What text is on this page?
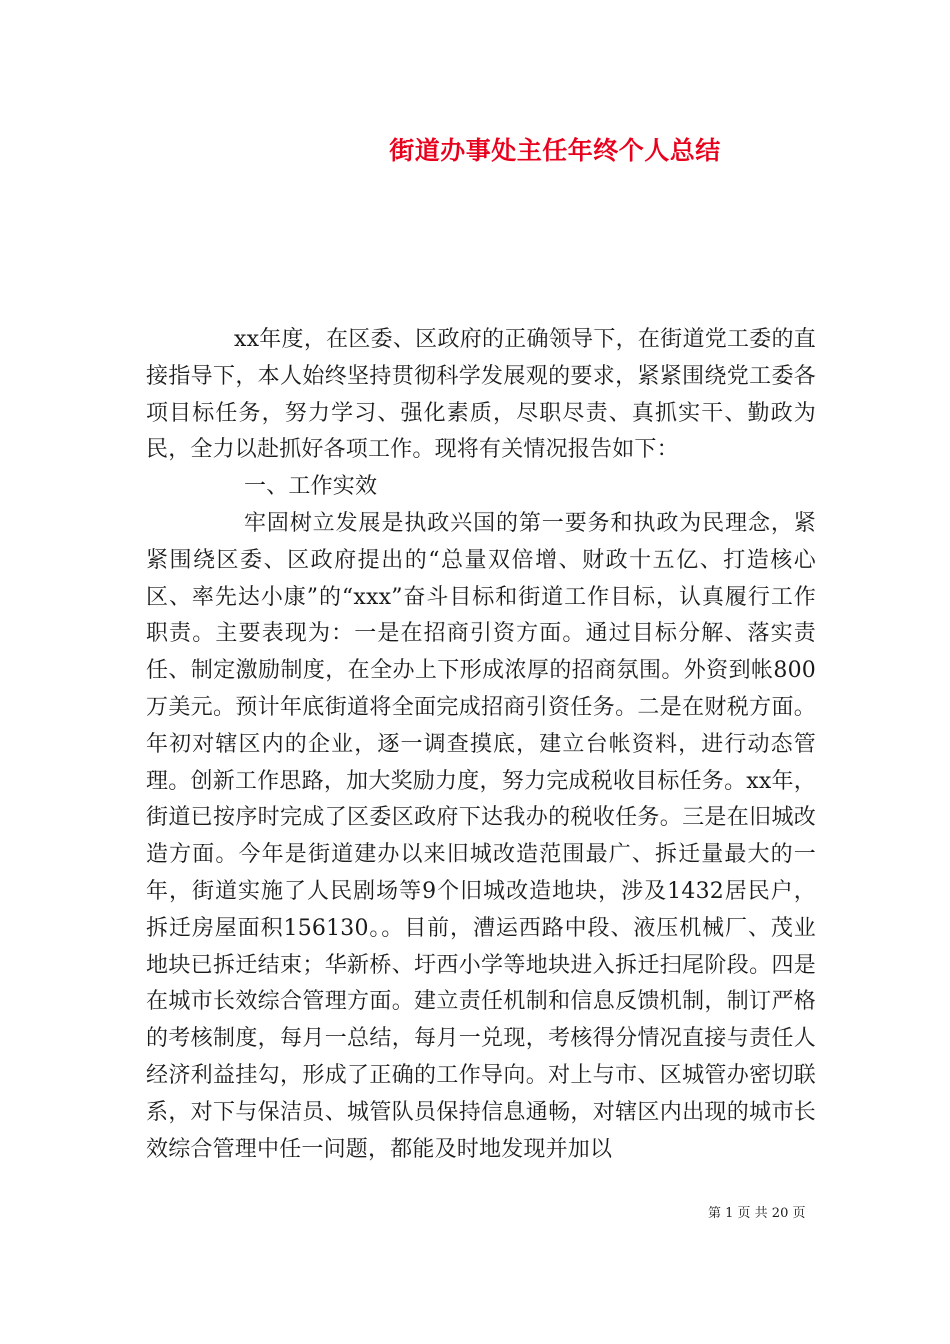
街道办事处主任年终个人总结

xx年度，在区委、区政府的正确领导下，在街道党工委的直接指导下，本人始终坚持贯彻科学发展观的要求，紧紧围绕党工委各项目标任务，努力学习、强化素质，尽职尽责、真抓实干、勤政为民，全力以赴抓好各项工作。现将有关情况报告如下：

一、工作实效

牢固树立发展是执政兴国的第一要务和执政为民理念，紧紧围绕区委、区政府提出的“总量双倍增、财政十五亿、打造核心区、率先达小康”的“xxx”奋斗目标和街道工作目标，认真履行工作职责。主要表现为：一是在招商引资方面。通过目标分解、落实责任、制定激励制度，在全办上下形成浓厚的招商氛围。外资到帐800万美元。预计年底街道将全面完成招商引资任务。二是在财税方面。年初对辖区内的企业，逐一调查摸底，建立台帐资料，进行动态管理。创新工作思路，加大奖励力度，努力完成税收目标任务。xx年，街道已按序时完成了区委区政府下达我办的税收任务。三是在旧城改造方面。今年是街道建办以来旧城改造范围最广、拆迁量最大的一年，街道实施了人民剧场等9个旧城改造地块，涉及1432居民户，拆迁房屋面积156130。。目前，漕运西路中段、液压机械厂、茂业地块已拆迁结束；华新桥、圩西小学等地块进入拆迁扫尾阶段。四是在城市长效综合管理方面。建立责任机制和信息反馈机制，制订严格的考核制度，每月一总结，每月一兑现，考核得分情况直接与责任人经济利益挂勾，形成了正确的工作导向。对上与市、区城管办密切联系，对下与保洁员、城管队员保持信息通畅，对辖区内出现的城市长效综合管理中任一问题，都能及时地发现并加以

第 1 页 共 20 页
